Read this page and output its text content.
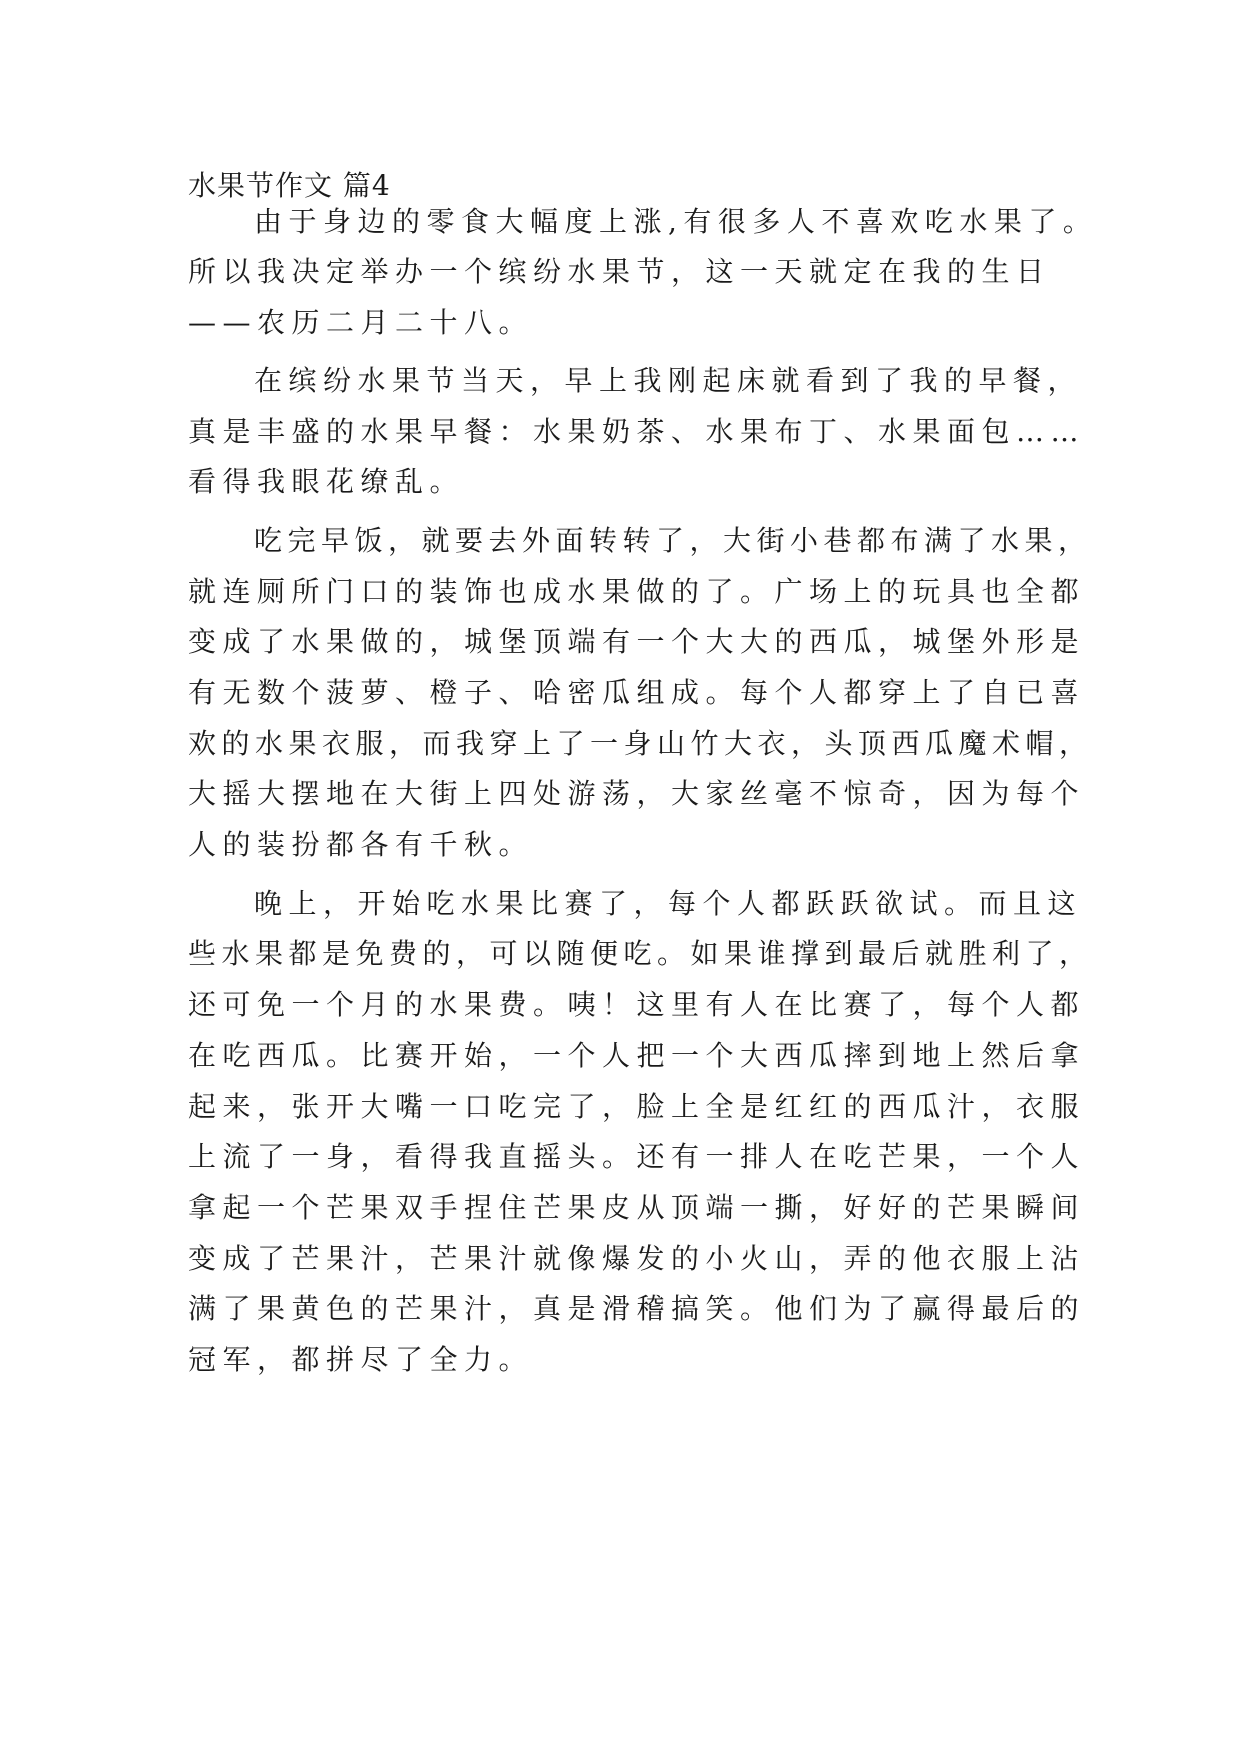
水果节作文 篇4
由于身边的零食大幅度上涨,有很多人不喜欢吃水果了。
所以我决定举办一个缤纷水果节，这一天就定在我的生日
——农历二月二十八。
在缤纷水果节当天，早上我刚起床就看到了我的早餐，
真是丰盛的水果早餐：水果奶茶、水果布丁、水果面包……
看得我眼花缭乱。
吃完早饭，就要去外面转转了，大街小巷都布满了水果，
就连厕所门口的装饰也成水果做的了。广场上的玩具也全都
变成了水果做的，城堡顶端有一个大大的西瓜，城堡外形是
有无数个菠萝、橙子、哈密瓜组成。每个人都穿上了自已喜
欢的水果衣服，而我穿上了一身山竹大衣，头顶西瓜魔术帽，
大摇大摆地在大街上四处游荡，大家丝毫不惊奇，因为每个
人的装扮都各有千秋。
晚上，开始吃水果比赛了，每个人都跃跃欲试。而且这
些水果都是免费的，可以随便吃。如果谁撑到最后就胜利了，
还可免一个月的水果费。咦！这里有人在比赛了，每个人都
在吃西瓜。比赛开始，一个人把一个大西瓜摔到地上然后拿
起来，张开大嘴一口吃完了，脸上全是红红的西瓜汁，衣服
上流了一身，看得我直摇头。还有一排人在吃芒果，一个人
拿起一个芒果双手捏住芒果皮从顶端一撕，好好的芒果瞬间
变成了芒果汁，芒果汁就像爆发的小火山，弄的他衣服上沾
满了果黄色的芒果汁，真是滑稽搞笑。他们为了赢得最后的
冠军，都拼尽了全力。
